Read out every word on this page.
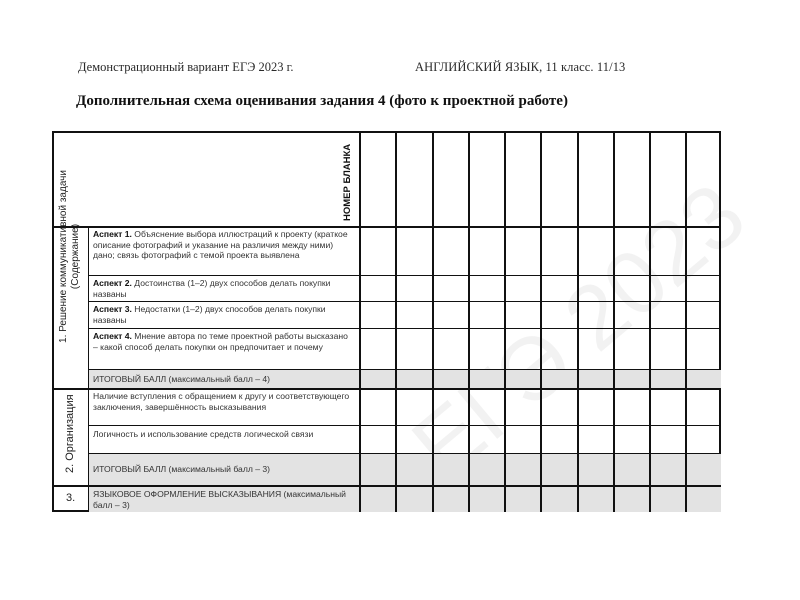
Демонстрационный вариант ЕГЭ 2023 г.	АНГЛИЙСКИЙ ЯЗЫК, 11 класс. 11/13
Дополнительная схема оценивания задания 4 (фото к проектной работе)
ЕГЭ 2023
НОМЕР БЛАНКА
1. Решение коммуникативной задачи (Содержание)
2. Организация
3.
Аспект 1. Объяснение выбора иллюстраций к проекту (краткое описание фотографий и указание на различия между ними) дано; связь фотографий с темой проекта выявлена
Аспект 2. Достоинства (1–2) двух способов делать покупки названы
Аспект 3. Недостатки (1–2) двух способов делать покупки названы
Аспект 4. Мнение автора по теме проектной работы высказано – какой способ делать покупки он предпочитает и почему
ИТОГОВЫЙ БАЛЛ (максимальный балл – 4)
Наличие вступления с обращением к другу и соответствующего заключения, завершённость высказывания
Логичность и использование средств логической связи
ИТОГОВЫЙ БАЛЛ (максимальный балл – 3)
ЯЗЫКОВОЕ ОФОРМЛЕНИЕ ВЫСКАЗЫВАНИЯ (максимальный балл – 3)
